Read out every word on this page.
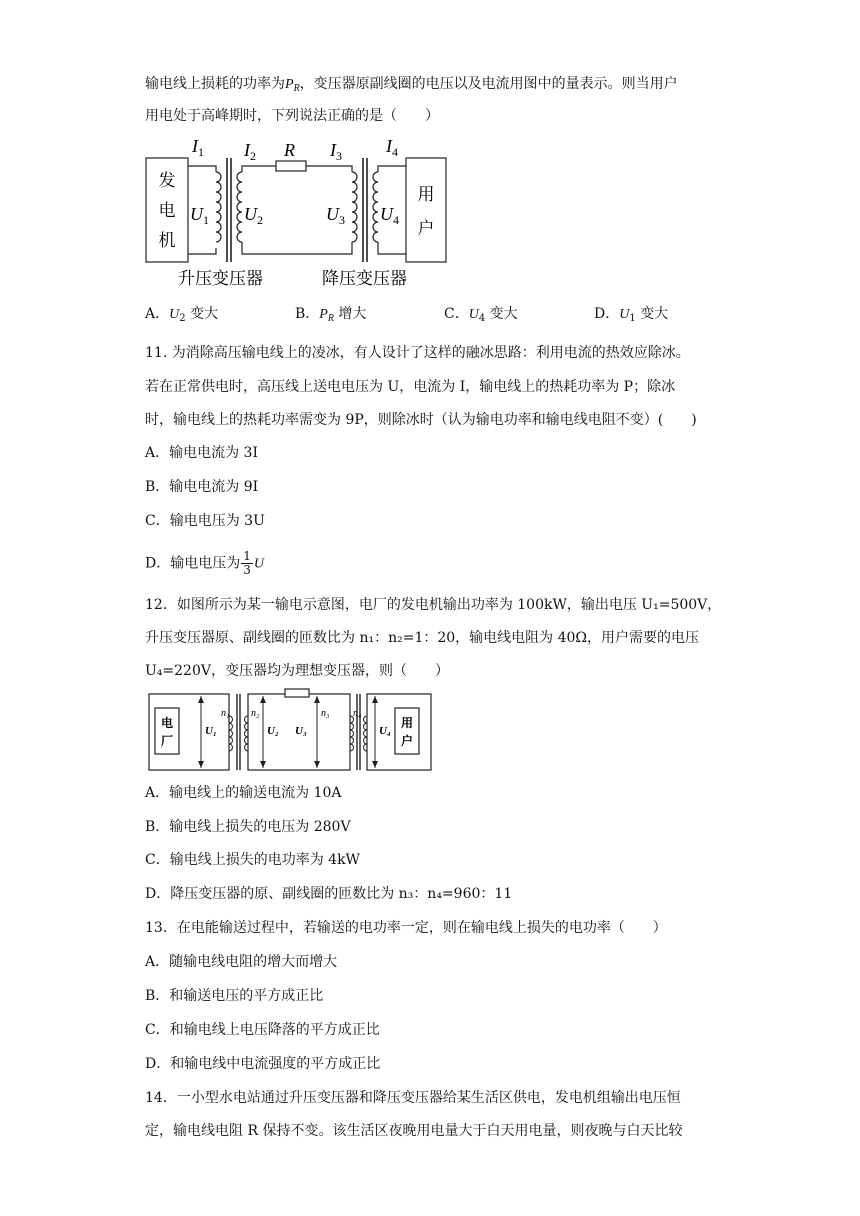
输电线上损耗的功率为$P_R$，变压器原副线圈的电压以及电流用图中的量表示。则当用户
用电处于高峰期时，下列说法正确的是（　　）
发
电
机
用
户
$I_1$ $I_2$ R $I_3$ $I_4$
$U_1$ $U_2$	$U_3$ $U_4$
升压变压器	降压变压器
A．$U_2$ 变大	B．$P_R$ 增大	C．$U_4$ 变大	D．$U_1$ 变大
11. 为消除高压输电线上的凌冰，有人设计了这样的融冰思路：利用电流的热效应除冰。
若在正常供电时，高压线上送电电压为 U，电流为 I，输电线上的热耗功率为 P；除冰
时，输电线上的热耗功率需变为 9P，则除冰时（认为输电功率和输电线电阻不变）(　　)
A．输电电流为 3I
B．输电电流为 9I
C．输电电压为 3U
D．输电电压为 $\frac{1}{3}$ U
12．如图所示为某一输电示意图，电厂的发电机输出功率为 100kW，输出电压 U₁=500V，
升压变压器原、副线圈的匝数比为 n₁：n₂=1：20，输电线电阻为 40Ω，用户需要的电压
U₄=220V，变压器均为理想变压器，则（　　）
电
厂
U₁
n₁ n₂
U₂ U₃
n₃ n₄
U₄
用
户
A．输电线上的输送电流为 10A
B．输电线上损失的电压为 280V
C．输电线上损失的电功率为 4kW
D．降压变压器的原、副线圈的匝数比为 n₃：n₄=960：11
13．在电能输送过程中，若输送的电功率一定，则在输电线上损失的电功率（　　）
A．随输电线电阻的增大而增大
B．和输送电压的平方成正比
C．和输电线上电压降落的平方成正比
D．和输电线中电流强度的平方成正比
14．一小型水电站通过升压变压器和降压变压器给某生活区供电，发电机组输出电压恒
定，输电线电阻 R 保持不变。该生活区夜晚用电量大于白天用电量，则夜晚与白天比较
